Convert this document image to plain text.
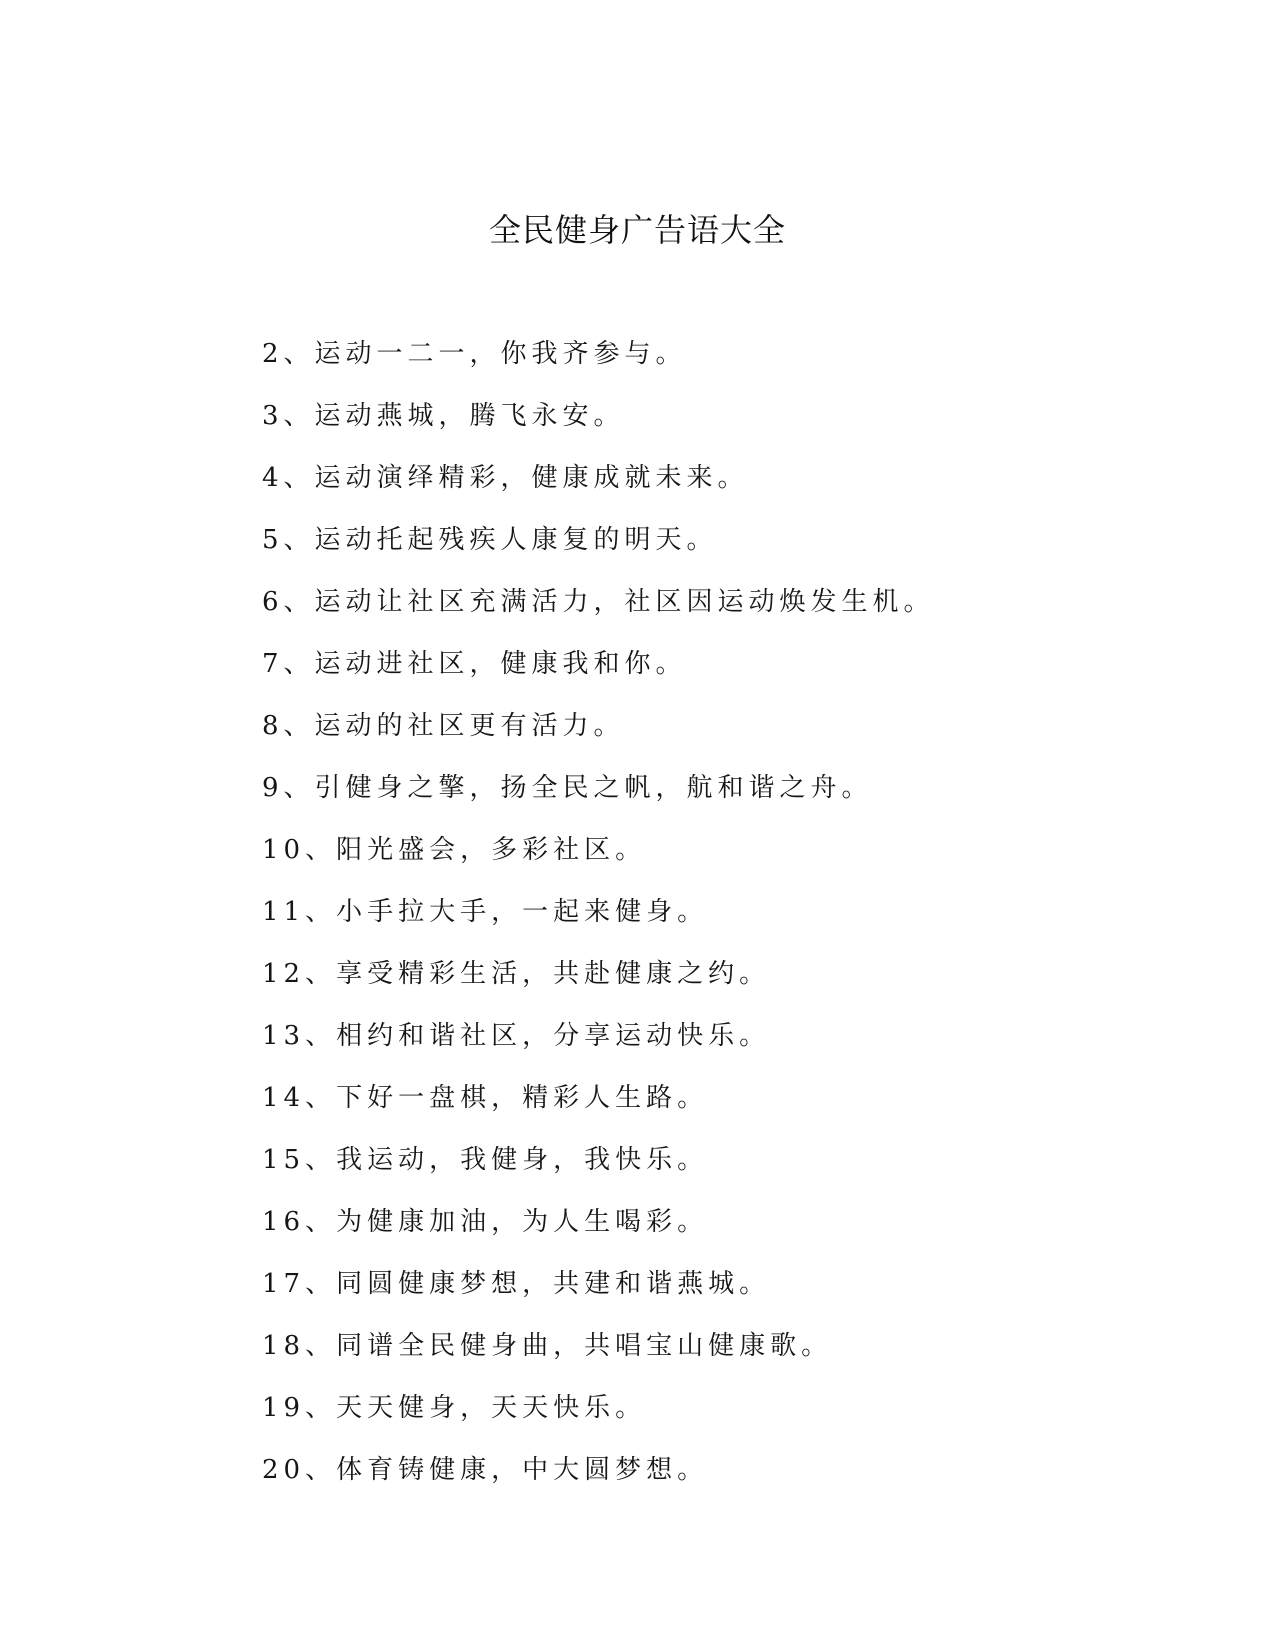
全民健身广告语大全
2、运动一二一，你我齐参与。
3、运动燕城，腾飞永安。
4、运动演绎精彩，健康成就未来。
5、运动托起残疾人康复的明天。
6、运动让社区充满活力，社区因运动焕发生机。
7、运动进社区，健康我和你。
8、运动的社区更有活力。
9、引健身之擎，扬全民之帆，航和谐之舟。
10、阳光盛会，多彩社区。
11、小手拉大手，一起来健身。
12、享受精彩生活，共赴健康之约。
13、相约和谐社区，分享运动快乐。
14、下好一盘棋，精彩人生路。
15、我运动，我健身，我快乐。
16、为健康加油，为人生喝彩。
17、同圆健康梦想，共建和谐燕城。
18、同谱全民健身曲，共唱宝山健康歌。
19、天天健身，天天快乐。
20、体育铸健康，中大圆梦想。
